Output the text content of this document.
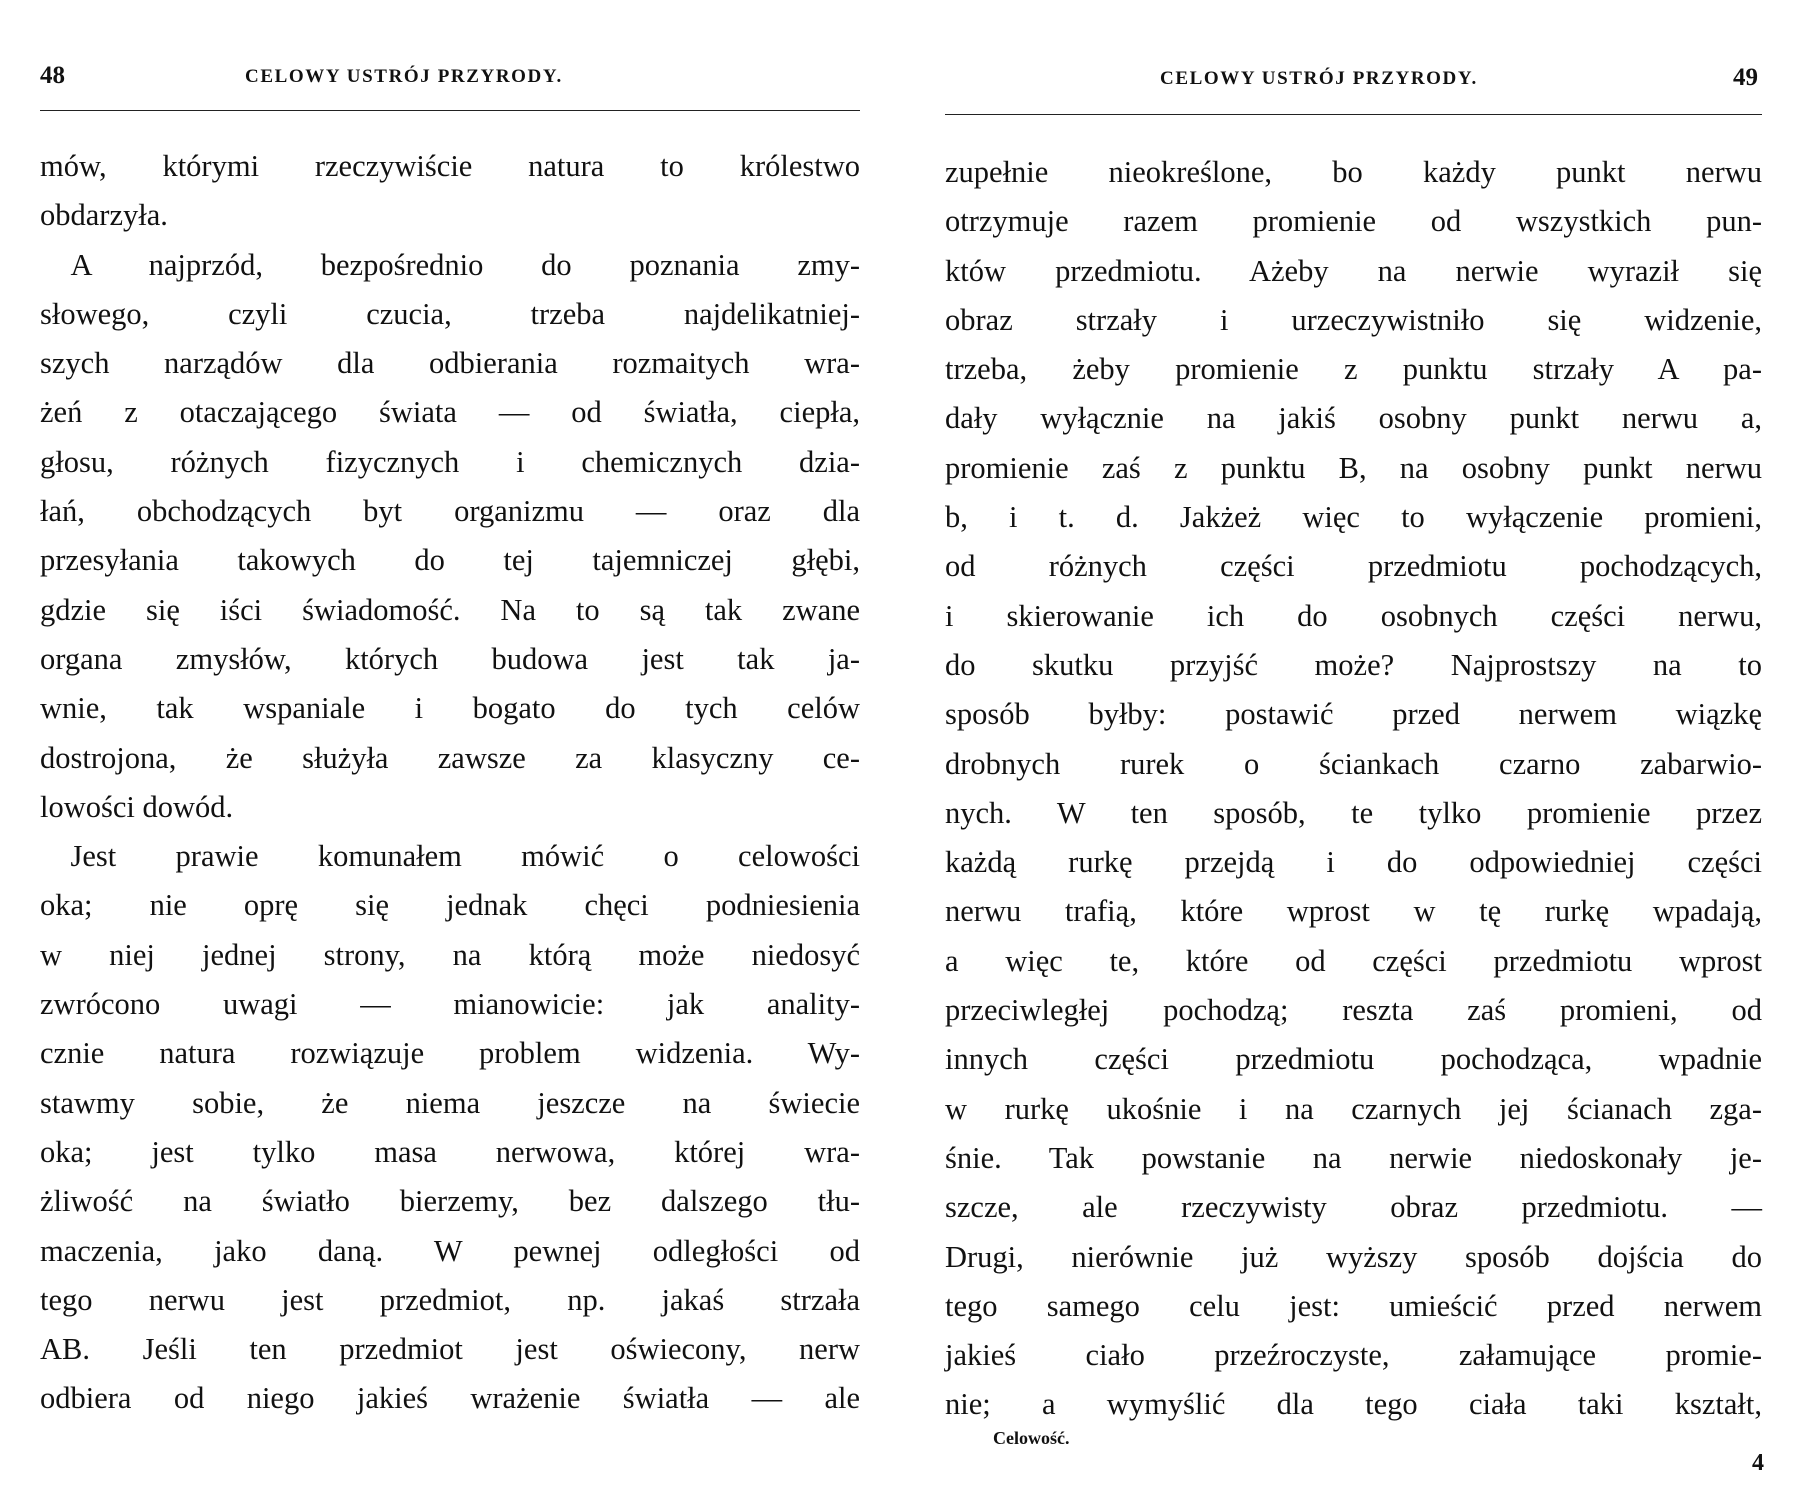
48	CELOWY USTRÓJ PRZYRODY.
mów, którymi rzeczywiście natura to królestwo
obdarzyła.
 A najprzód, bezpośrednio do poznania zmy-
słowego, czyli czucia, trzeba najdelikatniej-
szych narządów dla odbierania rozmaitych wra-
żeń z otaczającego świata — od światła, ciepła,
głosu, różnych fizycznych i chemicznych dzia-
łań, obchodzących byt organizmu — oraz dla
przesyłania takowych do tej tajemniczej głębi,
gdzie się iści świadomość. Na to są tak zwane
organa zmysłów, których budowa jest tak ja-
wnie, tak wspaniale i bogato do tych celów
dostrojona, że służyła zawsze za klasyczny ce-
lowości dowód.
 Jest prawie komunałem mówić o celowości
oka; nie oprę się jednak chęci podniesienia
w niej jednej strony, na którą może niedosyć
zwrócono uwagi — mianowicie: jak anality-
cznie natura rozwiązuje problem widzenia. Wy-
stawmy sobie, że niema jeszcze na świecie
oka; jest tylko masa nerwowa, której wra-
żliwość na światło bierzemy, bez dalszego tłu-
maczenia, jako daną. W pewnej odległości od
tego nerwu jest przedmiot, np. jakaś strzała
AB. Jeśli ten przedmiot jest oświecony, nerw
odbiera od niego jakieś wrażenie światła — ale
CELOWY USTRÓJ PRZYRODY.	49
zupełnie nieokreślone, bo każdy punkt nerwu
otrzymuje razem promienie od wszystkich pun-
któw przedmiotu. Ażeby na nerwie wyraził się
obraz strzały i urzeczywistniło się widzenie,
trzeba, żeby promienie z punktu strzały A pa-
dały wyłącznie na jakiś osobny punkt nerwu a,
promienie zaś z punktu B, na osobny punkt nerwu
b, i t. d. Jakżeż więc to wyłączenie promieni,
od różnych części przedmiotu pochodzących,
i skierowanie ich do osobnych części nerwu,
do skutku przyjść może? Najprostszy na to
sposób byłby: postawić przed nerwem wiązkę
drobnych rurek o ściankach czarno zabarwio-
nych. W ten sposób, te tylko promienie przez
każdą rurkę przejdą i do odpowiedniej części
nerwu trafią, które wprost w tę rurkę wpadają,
a więc te, które od części przedmiotu wprost
przeciwległej pochodzą; reszta zaś promieni, od
innych części przedmiotu pochodząca, wpadnie
w rurkę ukośnie i na czarnych jej ścianach zga-
śnie. Tak powstanie na nerwie niedoskonały je-
szcze, ale rzeczywisty obraz przedmiotu. —
Drugi, nierównie już wyższy sposób dojścia do
tego samego celu jest: umieścić przed nerwem
jakieś ciało przeźroczyste, załamujące promie-
nie; a wymyślić dla tego ciała taki kształt,
Celowość.
4
